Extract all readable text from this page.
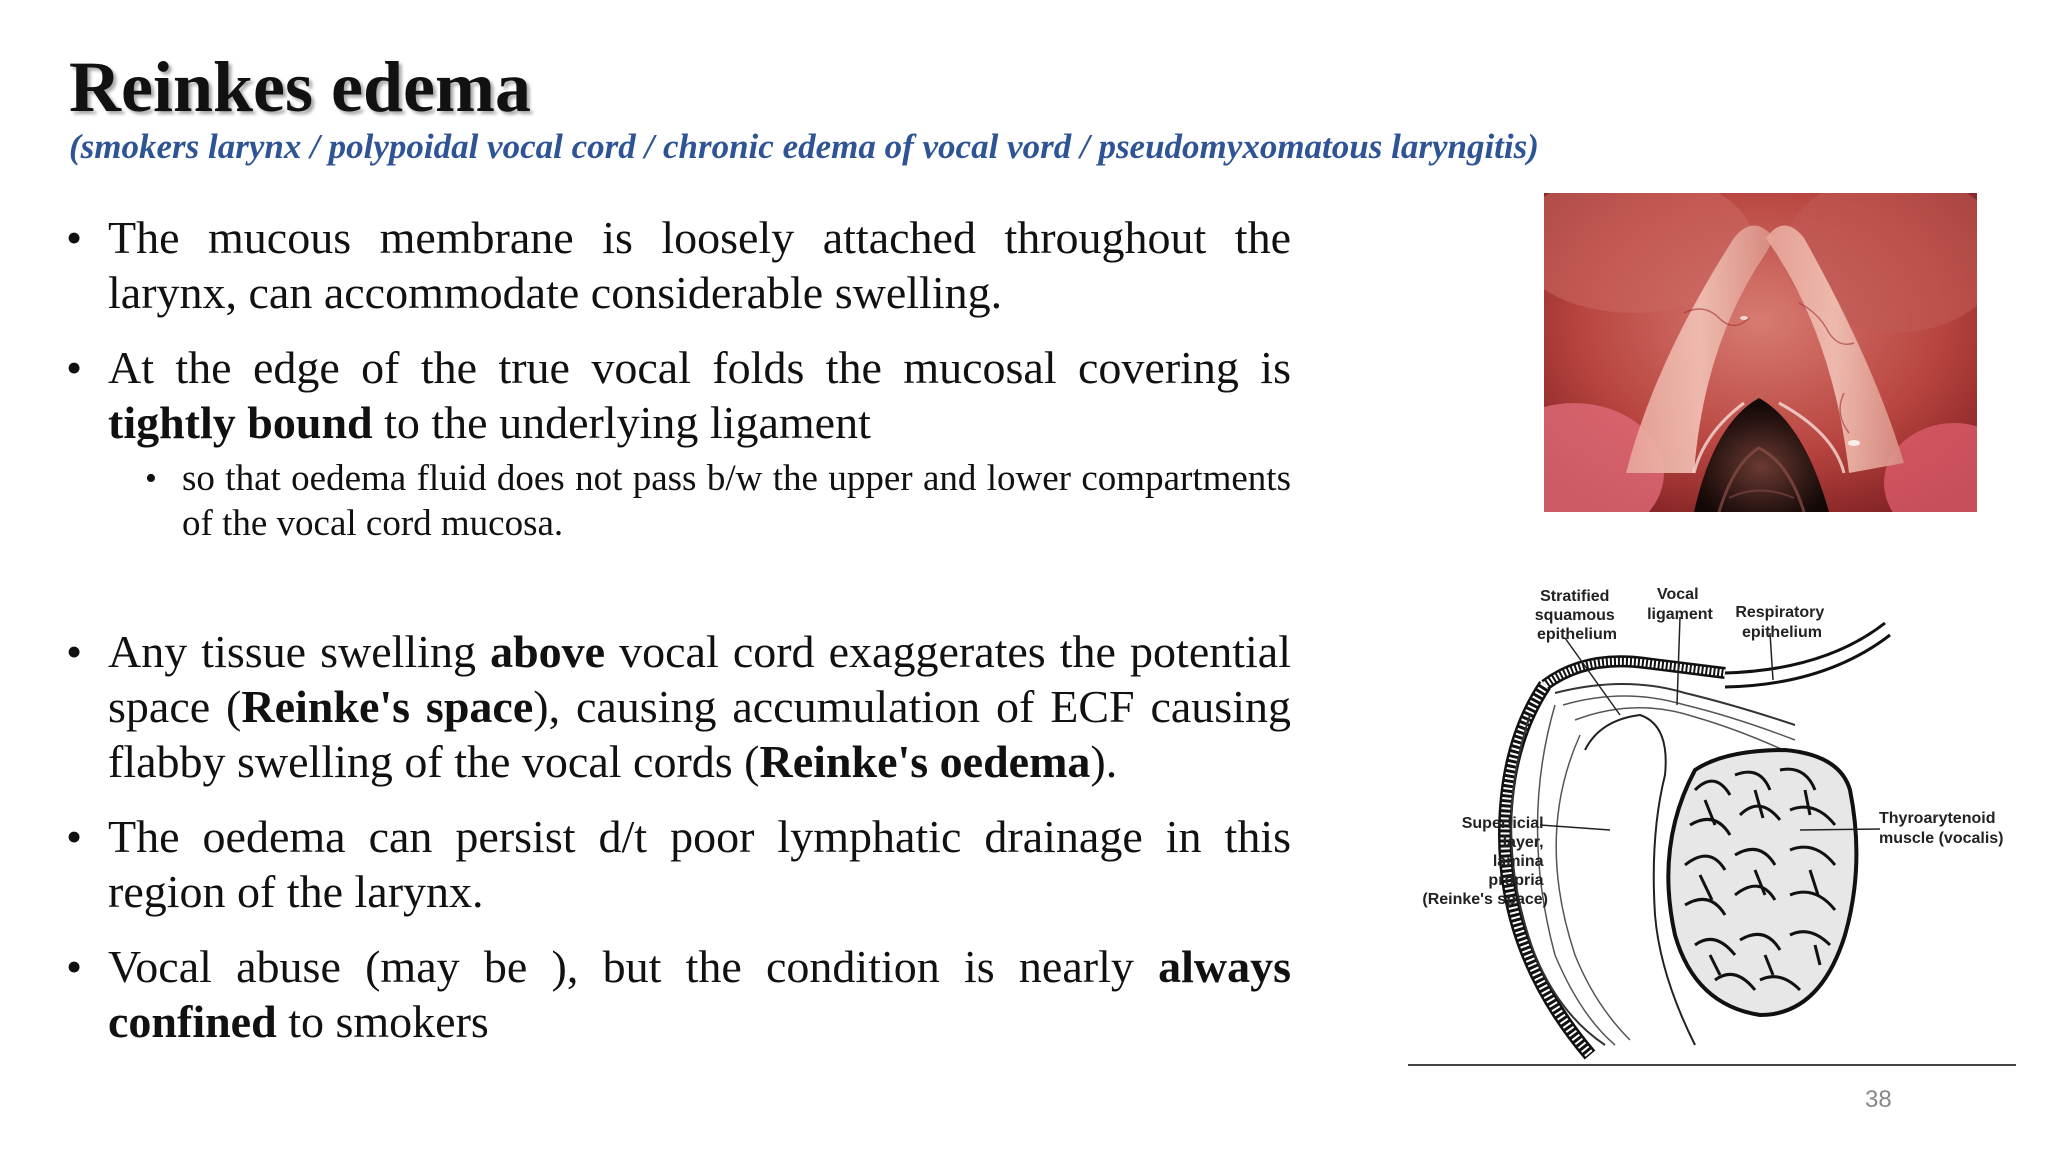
Reinkes edema
(smokers larynx / polypoidal vocal cord / chronic edema of vocal vord / pseudomyxomatous laryngitis)
• The mucous membrane is loosely attached throughout the larynx, can accommodate considerable swelling.
• At the edge of the true vocal folds the mucosal covering is tightly bound to the underlying ligament
• so that oedema fluid does not pass b/w the upper and lower compartments of the vocal cord mucosa.
• Any tissue swelling above vocal cord exaggerates the potential space (Reinke's space), causing accumulation of ECF causing flabby swelling of the vocal cords (Reinke's oedema).
• The oedema can persist d/t poor lymphatic drainage in this region of the larynx.
• Vocal abuse (may be ), but the condition is nearly always confined to smokers
Stratified squamous epithelium
Vocal ligament Respiratory epithelium
Superficial layer, lamina propria (Reinke's space)
Thyroarytenoid muscle (vocalis)
38
